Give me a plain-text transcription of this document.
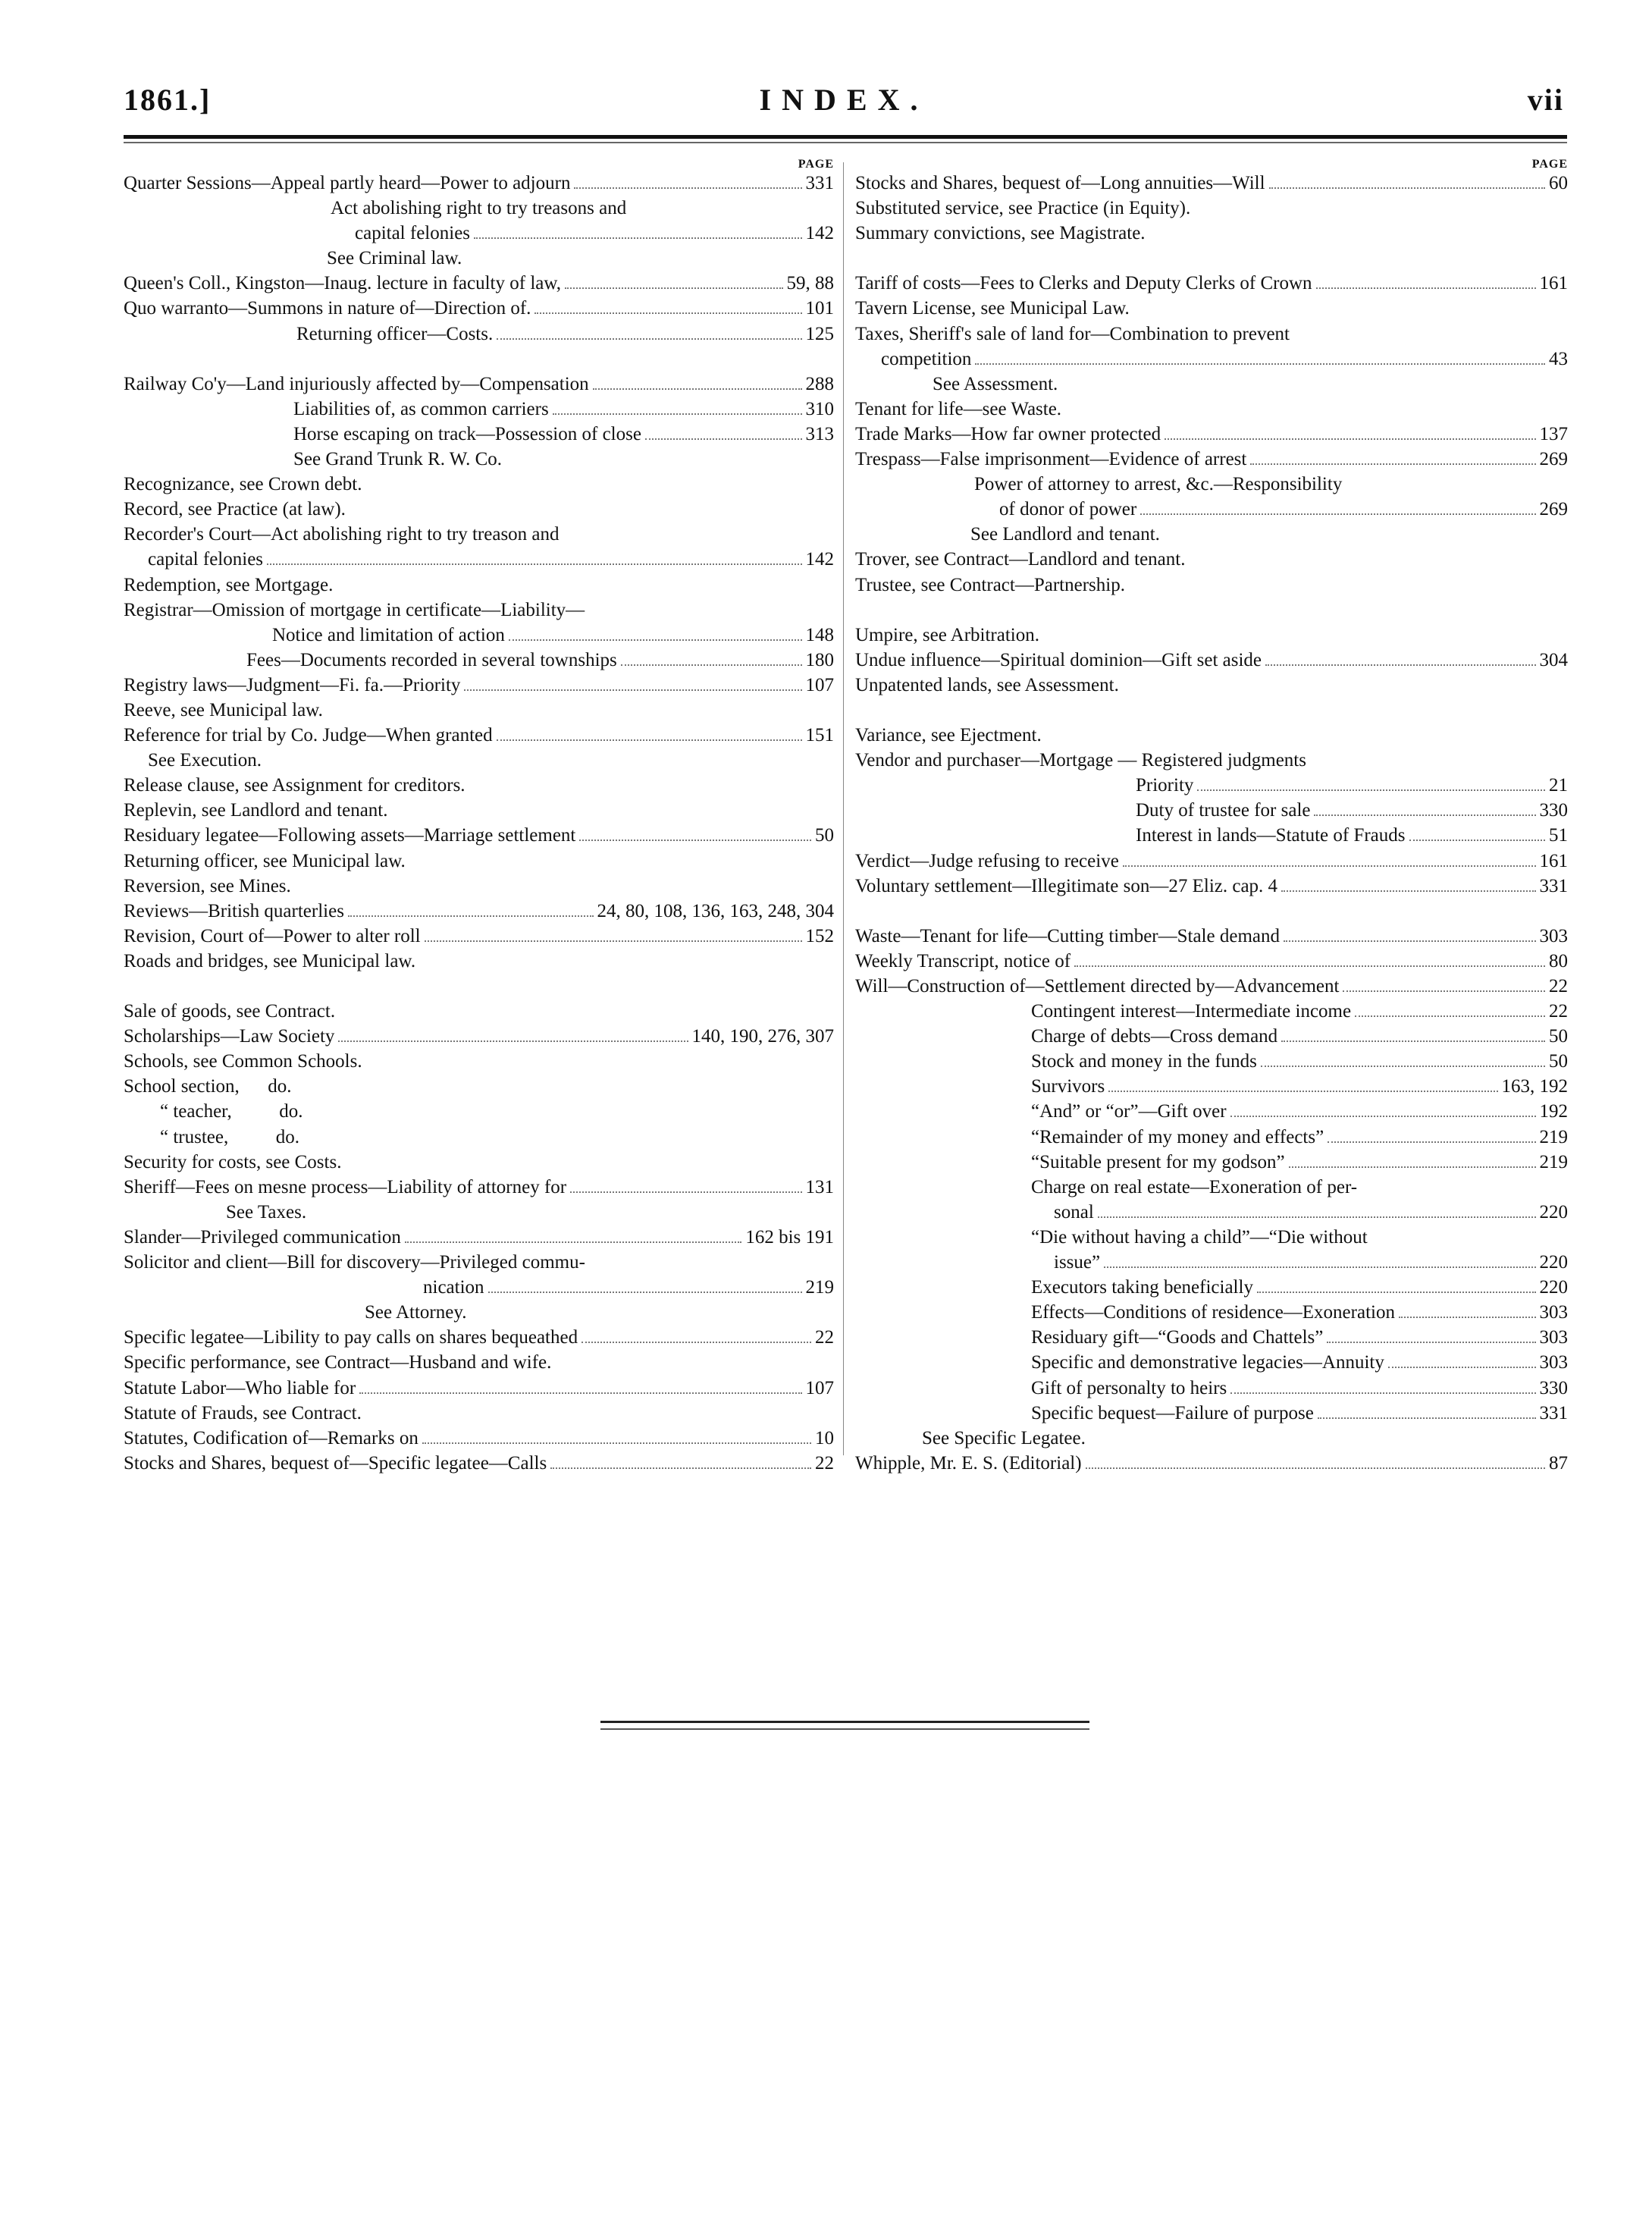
1861.]	INDEX.	vii
PAGE
Quarter Sessions—Appeal partly heard—Power to adjourn	331
Act abolishing right to try treasons and
capital felonies	142
See Criminal law.
Queen's Coll., Kingston—Inaug. lecture in faculty of law,	59, 88
Quo warranto—Summons in nature of—Direction of.	101
Returning officer—Costs.	125
Railway Co'y—Land injuriously affected by—Compensation	288
Liabilities of, as common carriers	310
Horse escaping on track—Possession of close	313
See Grand Trunk R. W. Co.
Recognizance, see Crown debt.
Record, see Practice (at law).
Recorder's Court—Act abolishing right to try treason and
capital felonies	142
Redemption, see Mortgage.
Registrar—Omission of mortgage in certificate—Liability—
Notice and limitation of action	148
Fees—Documents recorded in several townships	180
Registry laws—Judgment—Fi. fa.—Priority	107
Reeve, see Municipal law.
Reference for trial by Co. Judge—When granted	151
See Execution.
Release clause, see Assignment for creditors.
Replevin, see Landlord and tenant.
Residuary legatee—Following assets—Marriage settlement	50
Returning officer, see Municipal law.
Reversion, see Mines.
Reviews—British quarterlies	24, 80, 108, 136, 163, 248, 304
Revision, Court of—Power to alter roll	152
Roads and bridges, see Municipal law.
Sale of goods, see Contract.
Scholarships—Law Society	140, 190, 276, 307
Schools, see Common Schools.
School section,      do.
“ teacher,          do.
“ trustee,          do.
Security for costs, see Costs.
Sheriff—Fees on mesne process—Liability of attorney for	131
See Taxes.
Slander—Privileged communication	162 bis 191
Solicitor and client—Bill for discovery—Privileged commu-
nication	219
See Attorney.
Specific legatee—Libility to pay calls on shares bequeathed	22
Specific performance, see Contract—Husband and wife.
Statute Labor—Who liable for	107
Statute of Frauds, see Contract.
Statutes, Codification of—Remarks on	10
Stocks and Shares, bequest of—Specific legatee—Calls	22
PAGE
Stocks and Shares, bequest of—Long annuities—Will	60
Substituted service, see Practice (in Equity).
Summary convictions, see Magistrate.
Tariff of costs—Fees to Clerks and Deputy Clerks of Crown	161
Tavern License, see Municipal Law.
Taxes, Sheriff's sale of land for—Combination to prevent
competition	43
See Assessment.
Tenant for life—see Waste.
Trade Marks—How far owner protected	137
Trespass—False imprisonment—Evidence of arrest	269
Power of attorney to arrest, &c.—Responsibility
of donor of power	269
See Landlord and tenant.
Trover, see Contract—Landlord and tenant.
Trustee, see Contract—Partnership.
Umpire, see Arbitration.
Undue influence—Spiritual dominion—Gift set aside	304
Unpatented lands, see Assessment.
Variance, see Ejectment.
Vendor and purchaser—Mortgage — Registered judgments
Priority	21
Duty of trustee for sale	330
Interest in lands—Statute of Frauds	51
Verdict—Judge refusing to receive	161
Voluntary settlement—Illegitimate son—27 Eliz. cap. 4	331
Waste—Tenant for life—Cutting timber—Stale demand	303
Weekly Transcript, notice of	80
Will—Construction of—Settlement directed by—Advancement	22
Contingent interest—Intermediate income	22
Charge of debts—Cross demand	50
Stock and money in the funds	50
Survivors	163, 192
“And” or “or”—Gift over	192
“Remainder of my money and effects”	219
“Suitable present for my godson”	219
Charge on real estate—Exoneration of per-
sonal	220
“Die without having a child”—“Die without
issue”	220
Executors taking beneficially	220
Effects—Conditions of residence—Exoneration	303
Residuary gift—“Goods and Chattels”	303
Specific and demonstrative legacies—Annuity	303
Gift of personalty to heirs	330
Specific bequest—Failure of purpose	331
See Specific Legatee.
Whipple, Mr. E. S. (Editorial)	87
